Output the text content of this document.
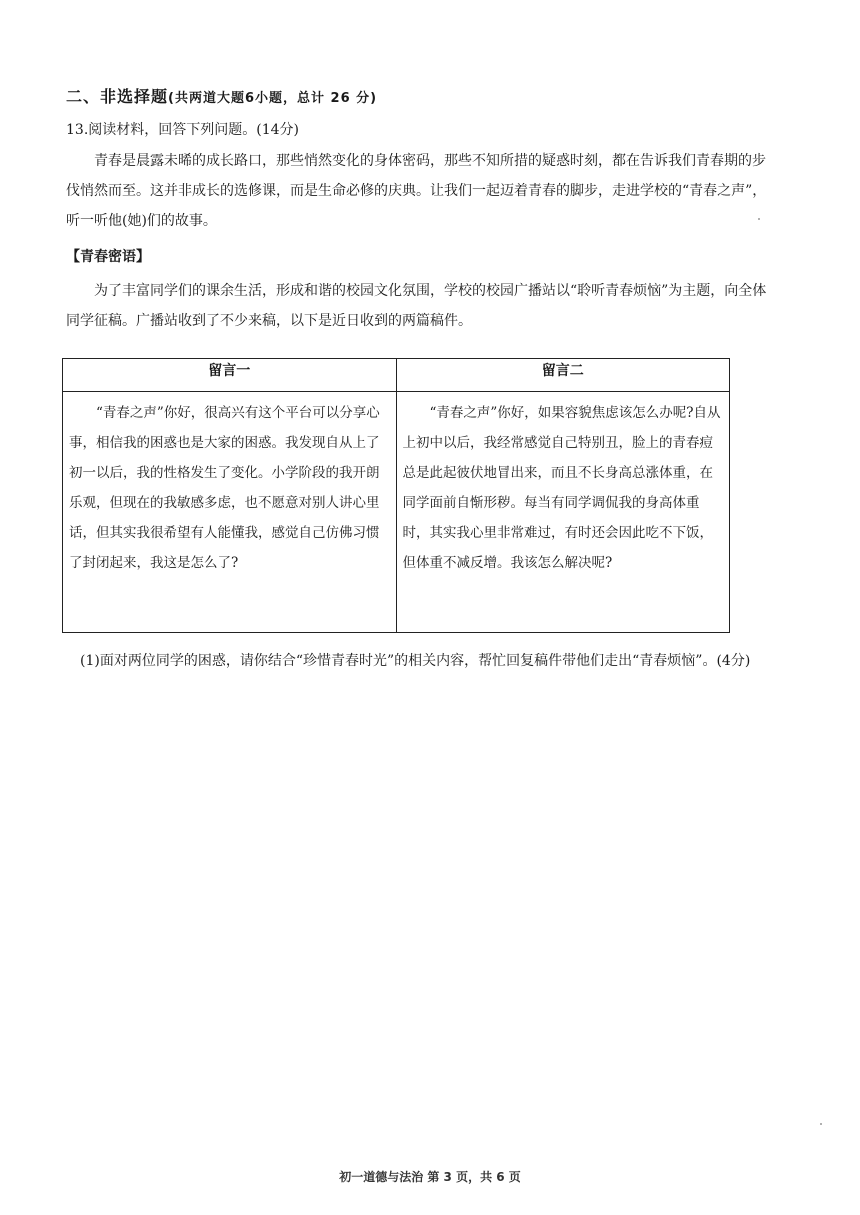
二、非选择题(共两道大题6小题，总计 26 分)
13.阅读材料，回答下列问题。(14分)

青春是晨露未晞的成长路口，那些悄然变化的身体密码，那些不知所措的疑惑时刻，都在告诉我们青春期的步伐悄然而至。这并非成长的选修课，而是生命必修的庆典。让我们一起迈着青春的脚步，走进学校的“青春之声”，听一听他(她)们的故事。

【青春密语】

为了丰富同学们的课余生活，形成和谐的校园文化氛围，学校的校园广播站以“聆听青春烦恼”为主题，向全体同学征稿。广播站收到了不少来稿，以下是近日收到的两篇稿件。

留言一	留言二

“青春之声”你好，很高兴有这个平台可以分享心事，相信我的困惑也是大家的困惑。我发现自从上了初一以后，我的性格发生了变化。小学阶段的我开朗乐观，但现在的我敏感多虑，也不愿意对别人讲心里话，但其实我很希望有人能懂我，感觉自己仿佛习惯了封闭起来，我这是怎么了?	“青春之声”你好，如果容貌焦虑该怎么办呢?自从上初中以后，我经常感觉自己特别丑，脸上的青春痘总是此起彼伏地冒出来，而且不长身高总涨体重，在同学面前自惭形秽。每当有同学调侃我的身高体重时，其实我心里非常难过，有时还会因此吃不下饭，但体重不减反增。我该怎么解决呢?

(1)面对两位同学的困惑，请你结合“珍惜青春时光”的相关内容，帮忙回复稿件带他们走出“青春烦恼”。(4分)

初一道德与法治 第 3 页，共 6 页
